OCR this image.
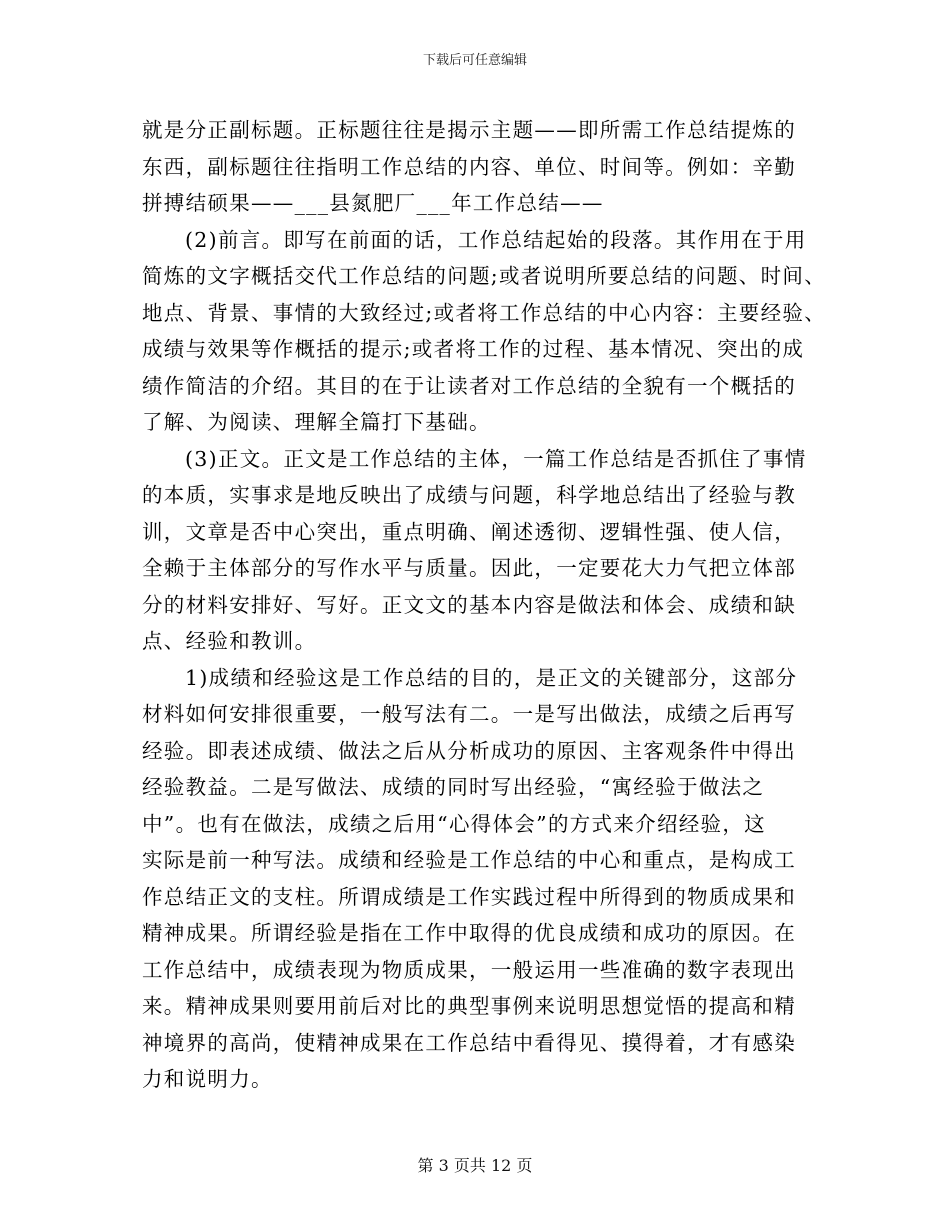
下载后可任意编辑
就是分正副标题。正标题往往是揭示主题——即所需工作总结提炼的
东西，副标题往往指明工作总结的内容、单位、时间等。例如：辛勤
拼搏结硕果——___县氮肥厂___年工作总结——
(2)前言。即写在前面的话，工作总结起始的段落。其作用在于用
简炼的文字概括交代工作总结的问题;或者说明所要总结的问题、时间、
地点、背景、事情的大致经过;或者将工作总结的中心内容：主要经验、
成绩与效果等作概括的提示;或者将工作的过程、基本情况、突出的成
绩作简洁的介绍。其目的在于让读者对工作总结的全貌有一个概括的
了解、为阅读、理解全篇打下基础。
(3)正文。正文是工作总结的主体，一篇工作总结是否抓住了事情
的本质，实事求是地反映出了成绩与问题，科学地总结出了经验与教
训，文章是否中心突出，重点明确、阐述透彻、逻辑性强、使人信，
全赖于主体部分的写作水平与质量。因此，一定要花大力气把立体部
分的材料安排好、写好。正文文的基本内容是做法和体会、成绩和缺
点、经验和教训。
1)成绩和经验这是工作总结的目的，是正文的关键部分，这部分
材料如何安排很重要，一般写法有二。一是写出做法，成绩之后再写
经验。即表述成绩、做法之后从分析成功的原因、主客观条件中得出
经验教益。二是写做法、成绩的同时写出经验，“寓经验于做法之
中”。也有在做法，成绩之后用“心得体会”的方式来介绍经验，这
实际是前一种写法。成绩和经验是工作总结的中心和重点，是构成工
作总结正文的支柱。所谓成绩是工作实践过程中所得到的物质成果和
精神成果。所谓经验是指在工作中取得的优良成绩和成功的原因。在
工作总结中，成绩表现为物质成果，一般运用一些准确的数字表现出
来。精神成果则要用前后对比的典型事例来说明思想觉悟的提高和精
神境界的高尚，使精神成果在工作总结中看得见、摸得着，才有感染
力和说明力。
第 3 页共 12 页
